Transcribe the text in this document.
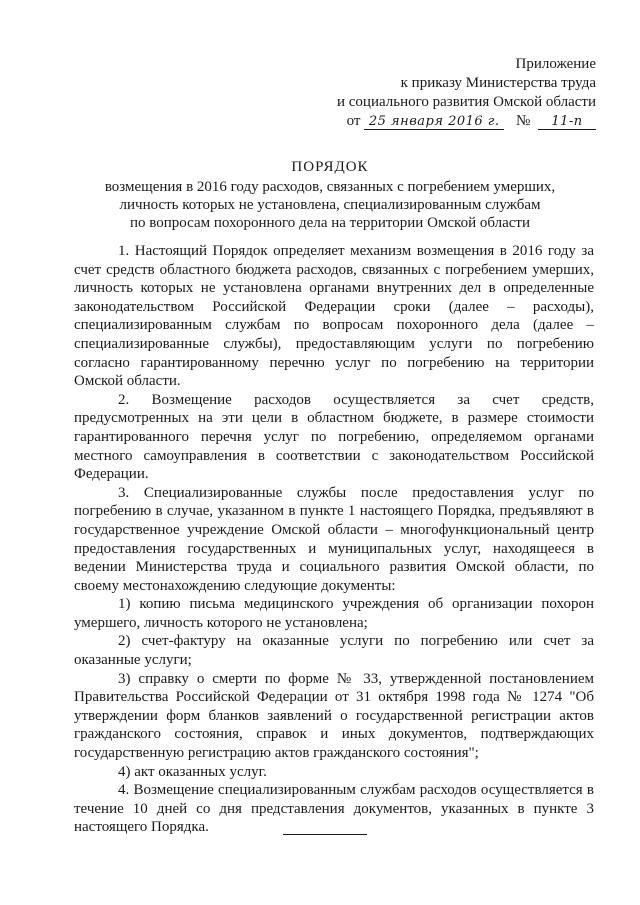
Приложение
к приказу Министерства труда
и социального развития Омской области
от 25 января 2016 г. № 11-п
ПОРЯДОК
возмещения в 2016 году расходов, связанных с погребением умерших,
личность которых не установлена, специализированным службам
по вопросам похоронного дела на территории Омской области

1. Настоящий Порядок определяет механизм возмещения в 2016 году за счет средств областного бюджета расходов, связанных с погребением умерших, личность которых не установлена органами внутренних дел в определенные законодательством Российской Федерации сроки (далее – расходы), специализированным службам по вопросам похоронного дела (далее – специализированные службы), предоставляющим услуги по погребению согласно гарантированному перечню услуг по погребению на территории Омской области.

2. Возмещение расходов осуществляется за счет средств, предусмотренных на эти цели в областном бюджете, в размере стоимости гарантированного перечня услуг по погребению, определяемом органами местного самоуправления в соответствии с законодательством Российской Федерации.

3. Специализированные службы после предоставления услуг по погребению в случае, указанном в пункте 1 настоящего Порядка, предъявляют в государственное учреждение Омской области – многофункциональный центр предоставления государственных и муниципальных услуг, находящееся в ведении Министерства труда и социального развития Омской области, по своему местонахождению следующие документы:

1) копию письма медицинского учреждения об организации похорон умершего, личность которого не установлена;

2) счет-фактуру на оказанные услуги по погребению или счет за оказанные услуги;

3) справку о смерти по форме № 33, утвержденной постановлением Правительства Российской Федерации от 31 октября 1998 года № 1274 "Об утверждении форм бланков заявлений о государственной регистрации актов гражданского состояния, справок и иных документов, подтверждающих государственную регистрацию актов гражданского состояния";

4) акт оказанных услуг.

4. Возмещение специализированным службам расходов осуществляется в течение 10 дней со дня представления документов, указанных в пункте 3 настоящего Порядка.
